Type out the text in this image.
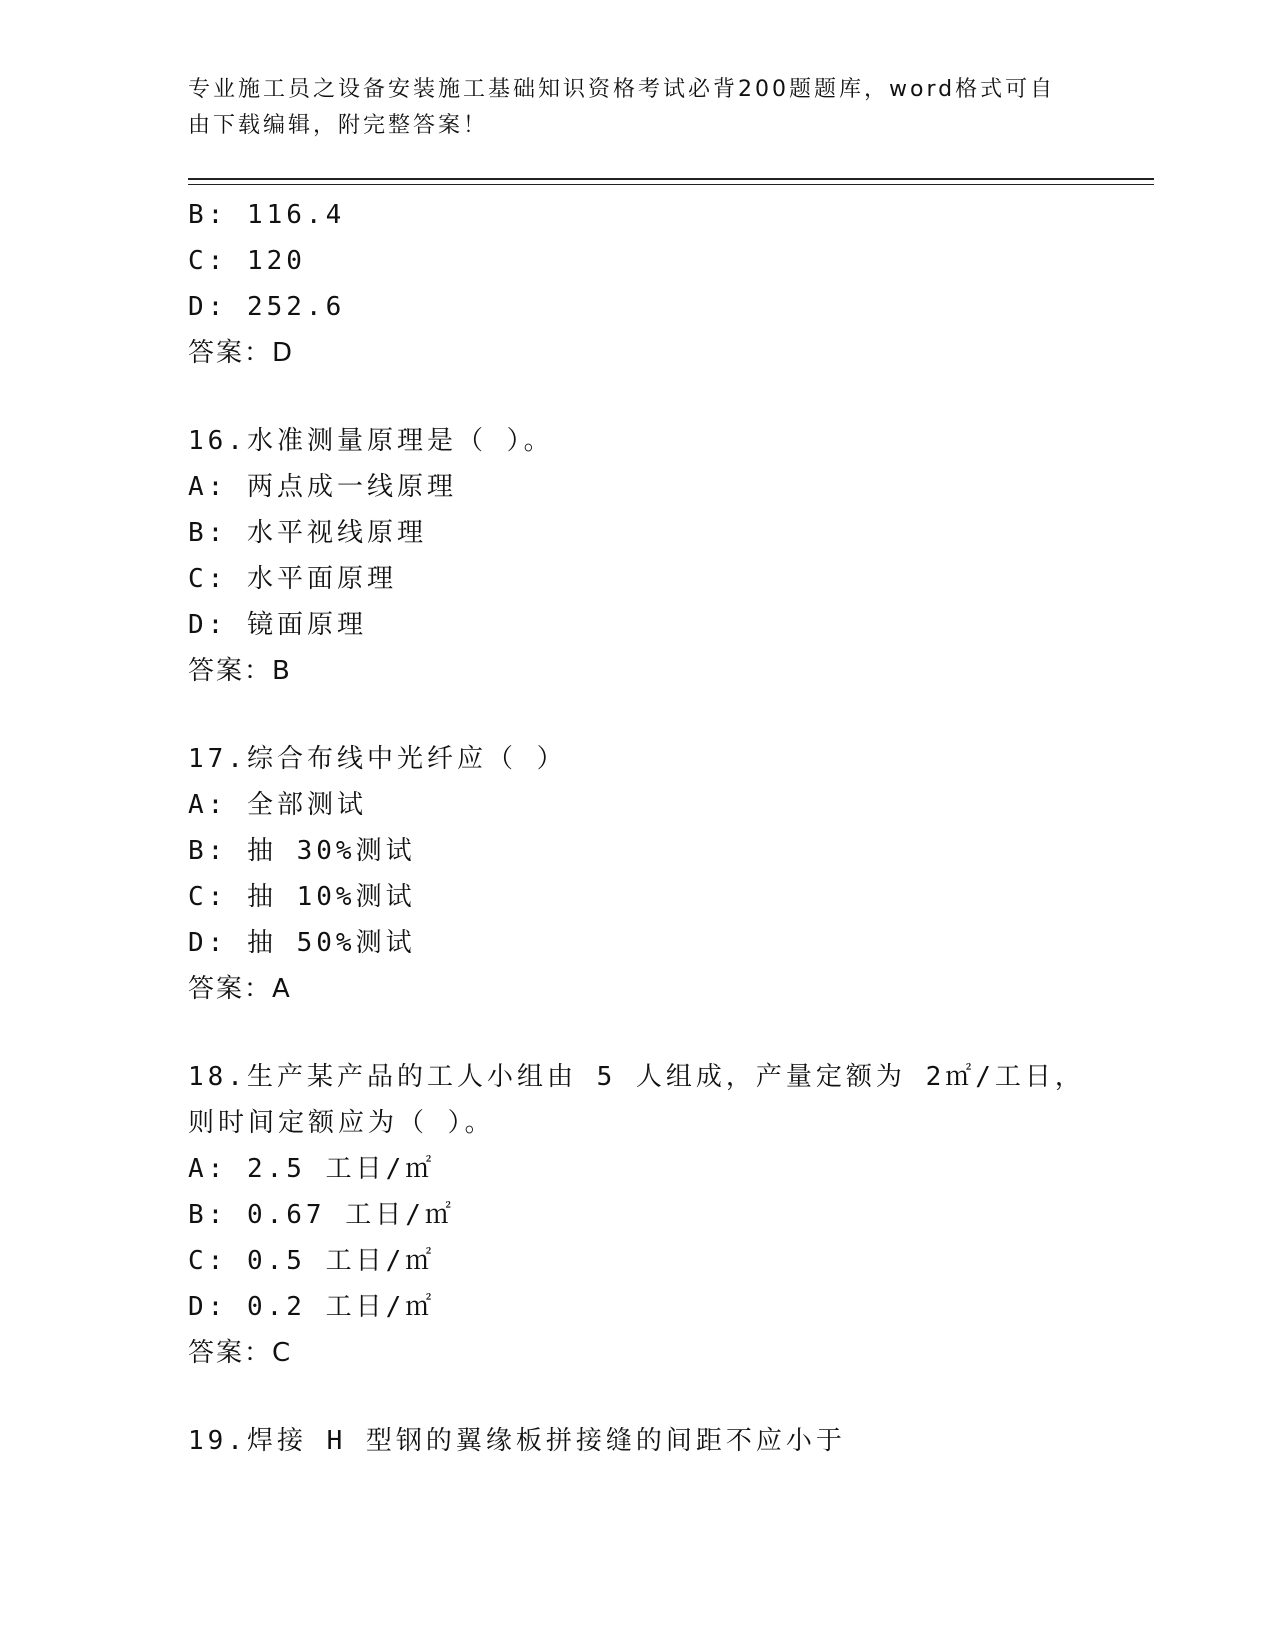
专业施工员之设备安装施工基础知识资格考试必背200题题库，word格式可自由下载编辑，附完整答案！
B: 116.4
C: 120
D: 252.6
答案：D
16.水准测量原理是（ ）。
A: 两点成一线原理
B: 水平视线原理
C: 水平面原理
D: 镜面原理
答案：B
17.综合布线中光纤应（ ）
A: 全部测试
B: 抽 30%测试
C: 抽 10%测试
D: 抽 50%测试
答案：A
18.生产某产品的工人小组由 5 人组成，产量定额为 2㎡/工日，则时间定额应为（ ）。
A: 2.5 工日/㎡
B: 0.67 工日/㎡
C: 0.5 工日/㎡
D: 0.2 工日/㎡
答案：C
19.焊接 H 型钢的翼缘板拼接缝的间距不应小于
